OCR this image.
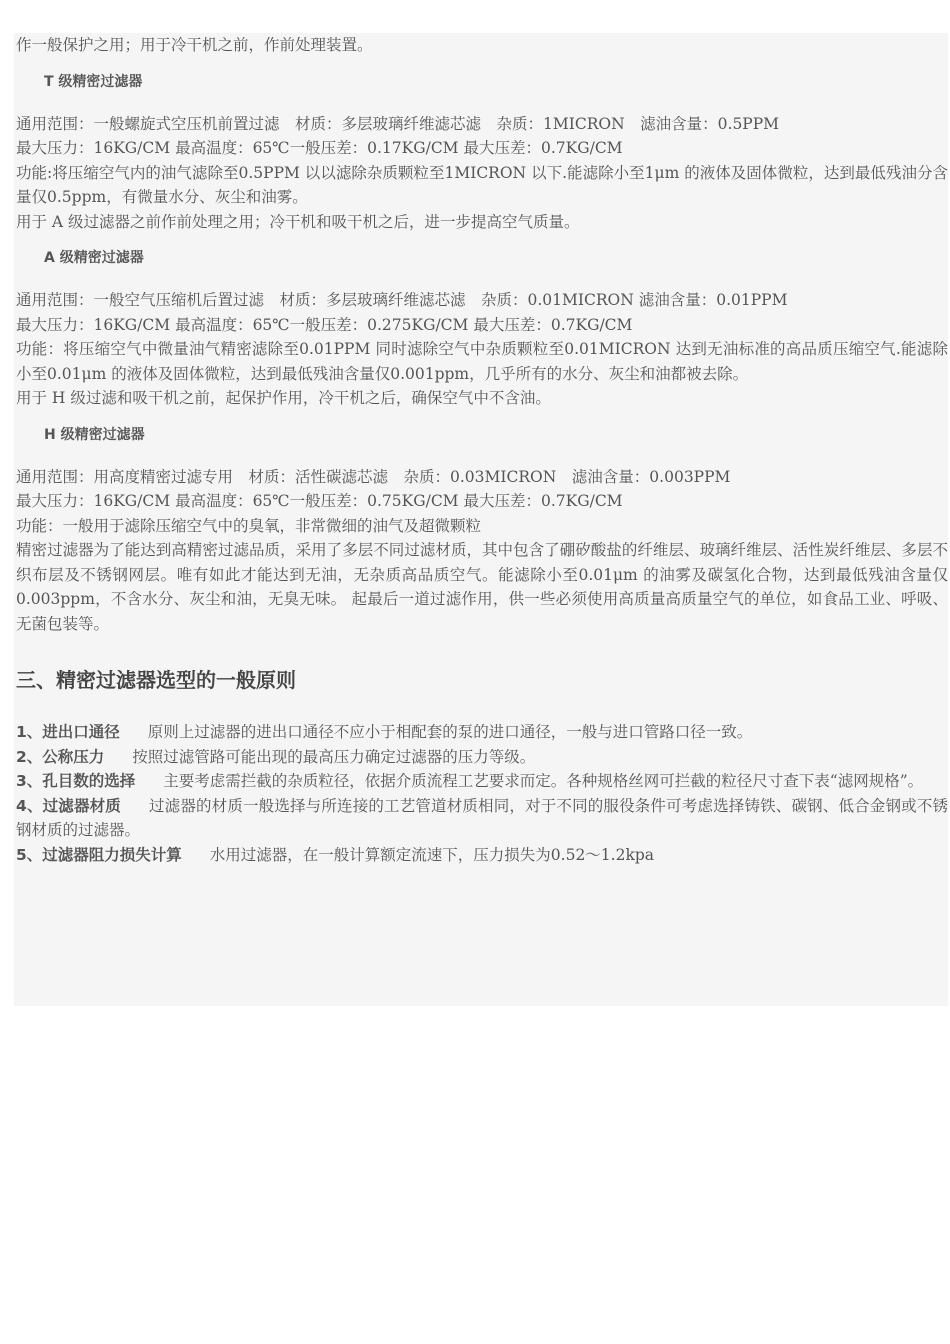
作一般保护之用；用于冷干机之前，作前处理装置。
T 级精密过滤器
通用范围：一般螺旋式空压机前置过滤　材质：多层玻璃纤维滤芯滤　杂质：1MICRON　滤油含量：0.5PPM
最大压力：16KG/CM 最高温度：65℃一般压差：0.17KG/CM 最大压差：0.7KG/CM
功能:将压缩空气内的油气滤除至0.5PPM 以以滤除杂质颗粒至1MICRON 以下.能滤除小至1μm 的液体及固体微粒，达到最低残油分含量仅0.5ppm，有微量水分、灰尘和油雾。
用于 A 级过滤器之前作前处理之用；冷干机和吸干机之后，进一步提高空气质量。
A 级精密过滤器
通用范围：一般空气压缩机后置过滤　材质：多层玻璃纤维滤芯滤　杂质：0.01MICRON 滤油含量：0.01PPM
最大压力：16KG/CM 最高温度：65℃一般压差：0.275KG/CM 最大压差：0.7KG/CM
功能：将压缩空气中微量油气精密滤除至0.01PPM 同时滤除空气中杂质颗粒至0.01MICRON 达到无油标准的高品质压缩空气.能滤除小至0.01μm 的液体及固体微粒，达到最低残油含量仅0.001ppm，几乎所有的水分、灰尘和油都被去除。
用于 H 级过滤和吸干机之前，起保护作用，冷干机之后，确保空气中不含油。
H 级精密过滤器
通用范围：用高度精密过滤专用　材质：活性碳滤芯滤　杂质：0.03MICRON　滤油含量：0.003PPM
最大压力：16KG/CM 最高温度：65℃一般压差：0.75KG/CM 最大压差：0.7KG/CM
功能：一般用于滤除压缩空气中的臭氧，非常微细的油气及超微颗粒
精密过滤器为了能达到高精密过滤品质，采用了多层不同过滤材质，其中包含了硼矽酸盐的纤维层、玻璃纤维层、活性炭纤维层、多层不织布层及不锈钢网层。唯有如此才能达到无油，无杂质高品质空气。能滤除小至0.01μm 的油雾及碳氢化合物，达到最低残油含量仅0.003ppm，不含水分、灰尘和油，无臭无味。 起最后一道过滤作用，供一些必须使用高质量高质量空气的单位，如食品工业、呼吸、无菌包装等。
三、精密过滤器选型的一般原则
1、进出口通径 原则上过滤器的进出口通径不应小于相配套的泵的进口通径，一般与进口管路口径一致。
2、公称压力 按照过滤管路可能出现的最高压力确定过滤器的压力等级。
3、孔目数的选择 主要考虑需拦截的杂质粒径，依据介质流程工艺要求而定。各种规格丝网可拦截的粒径尺寸查下表“滤网规格”。
4、过滤器材质 过滤器的材质一般选择与所连接的工艺管道材质相同，对于不同的服役条件可考虑选择铸铁、碳钢、低合金钢或不锈钢材质的过滤器。
5、过滤器阻力损失计算 水用过滤器，在一般计算额定流速下，压力损失为0.52～1.2kpa
